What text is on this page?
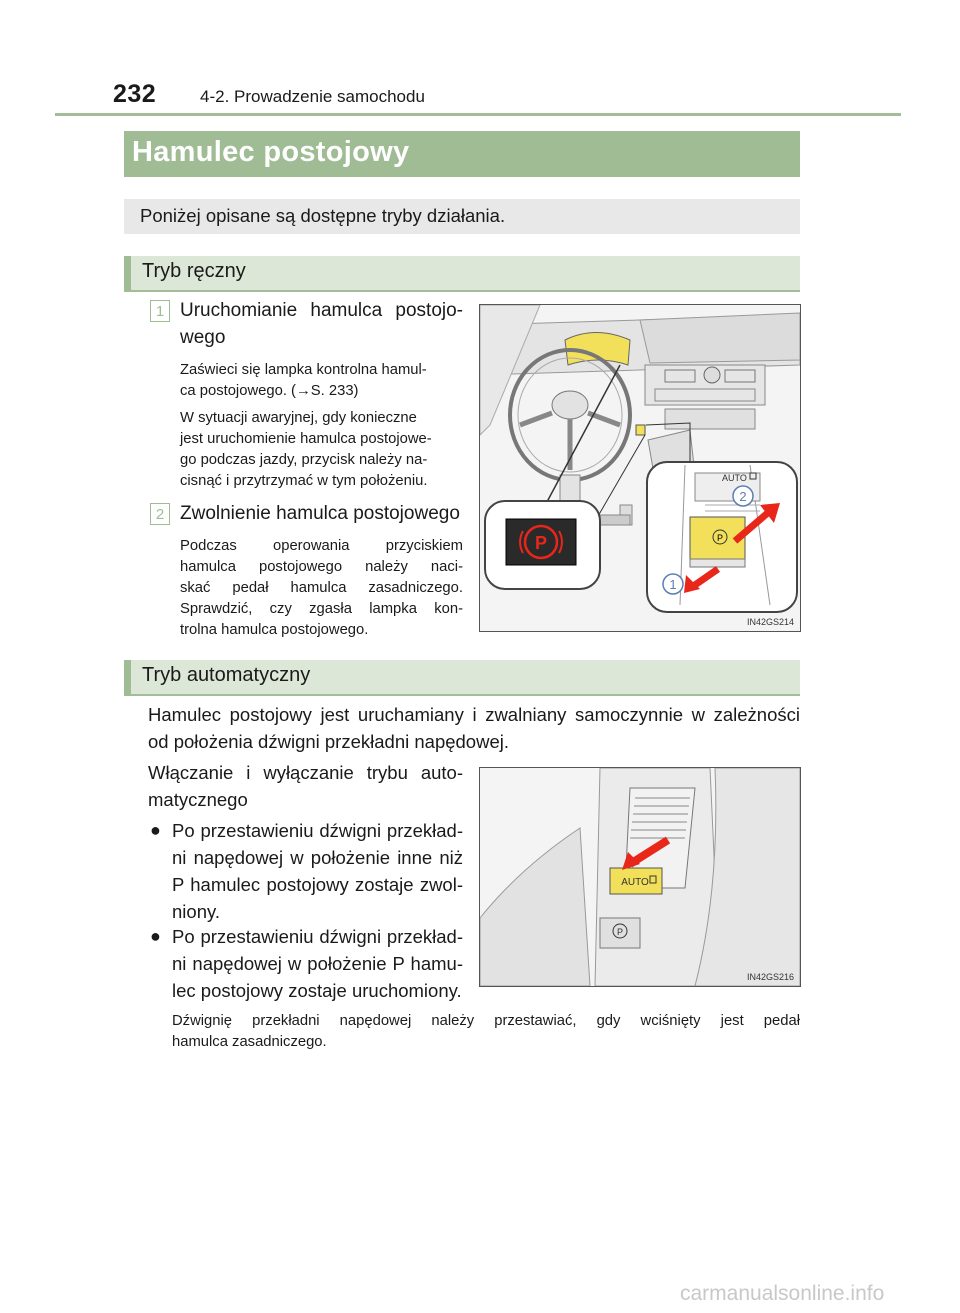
232	4-2. Prowadzenie samochodu
Hamulec postojowy
Poniżej opisane są dostępne tryby działania.
Tryb ręczny
1 Uruchomianie hamulca postojo-
wego
Zaświeci się lampka kontrolna hamul-
ca postojowego. (→S. 233)
W sytuacji awaryjnej, gdy konieczne
jest uruchomienie hamulca postojowe-
go podczas jazdy, przycisk należy na-
cisnąć i przytrzymać w tym położeniu.
2 Zwolnienie hamulca postojowego
Podczas operowania przyciskiem
hamulca postojowego należy naci-
skać pedał hamulca zasadniczego.
Sprawdzić, czy zgasła lampka kon-
trolna hamulca postojowego.
P
AUTO
P
2
1
IN42GS214
Tryb automatyczny
Hamulec postojowy jest uruchamiany i zwalniany samoczynnie w zależności
od położenia dźwigni przekładni napędowej.
Włączanie i wyłączanie trybu auto-
matycznego
● Po przestawieniu dźwigni przekład-
ni napędowej w położenie inne niż
P hamulec postojowy zostaje zwol-
niony.
● Po przestawieniu dźwigni przekład-
ni napędowej w położenie P hamu-
lec postojowy zostaje uruchomiony.
AUTO
P
IN42GS216
Dźwignię przekładni napędowej należy przestawiać, gdy wciśnięty jest pedał
hamulca zasadniczego.
carmanualsonline.info
